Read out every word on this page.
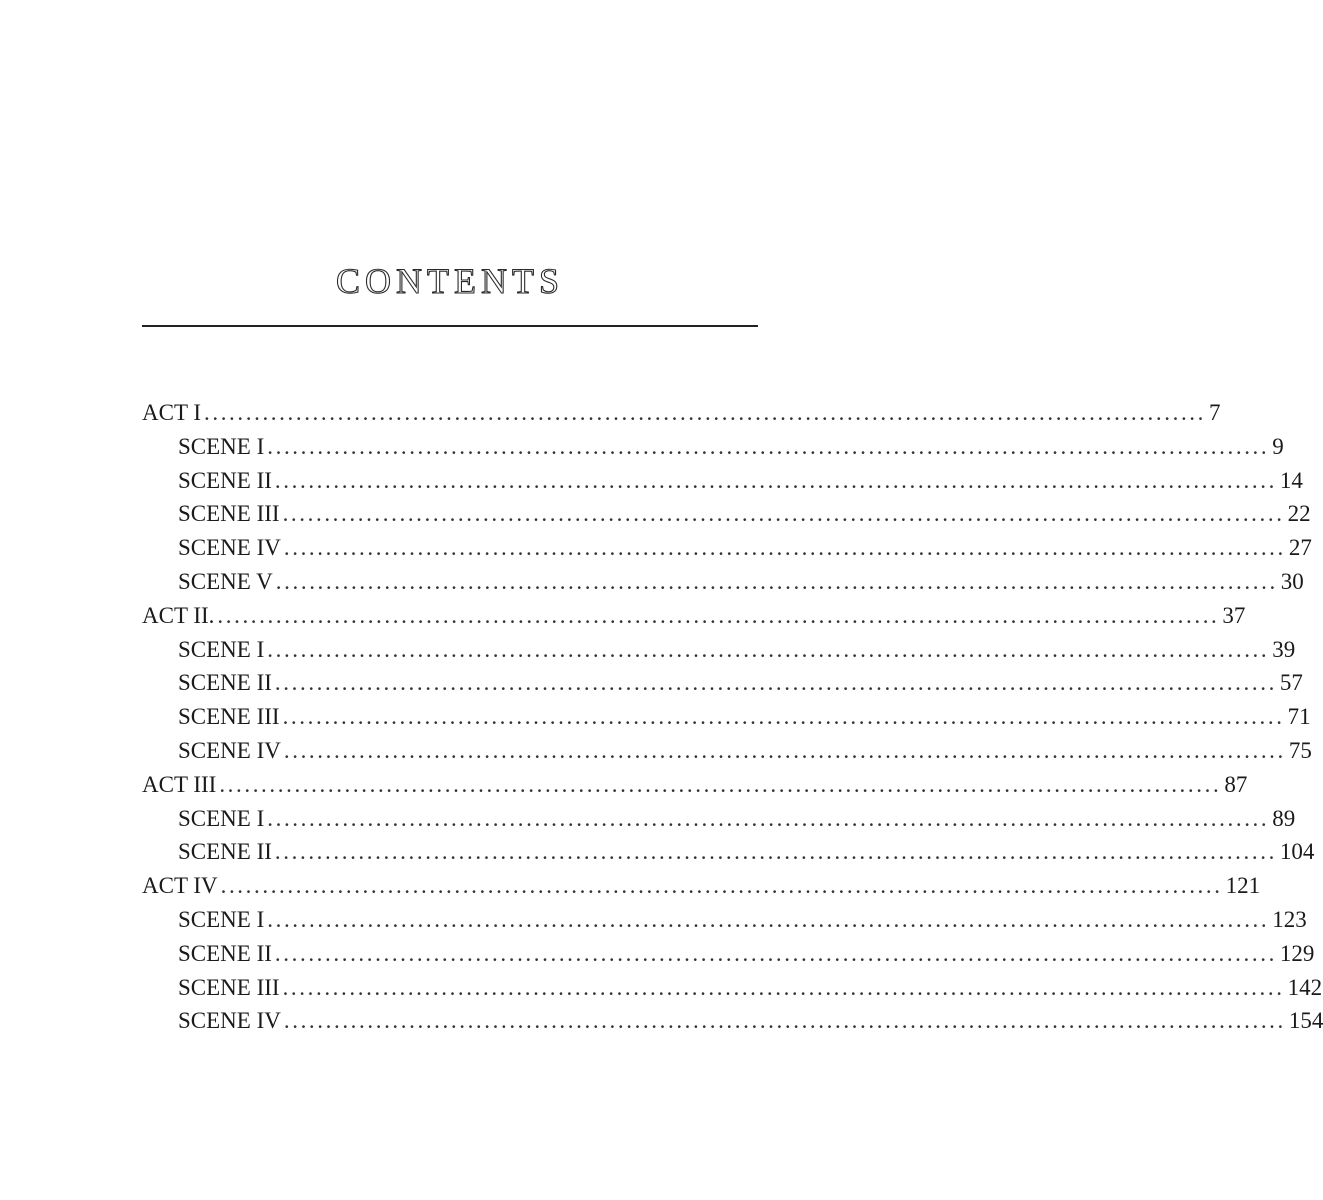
CONTENTS
ACT I ........................................................................................................................ 7
SCENE I ........................................................................................................................ 9
SCENE II ........................................................................................................................ 14
SCENE III ........................................................................................................................ 22
SCENE IV ........................................................................................................................ 27
SCENE V ........................................................................................................................ 30
ACT II. ........................................................................................................................ 37
SCENE I ........................................................................................................................ 39
SCENE II ........................................................................................................................ 57
SCENE III ........................................................................................................................ 71
SCENE IV ........................................................................................................................ 75
ACT III ........................................................................................................................ 87
SCENE I ........................................................................................................................ 89
SCENE II ........................................................................................................................ 104
ACT IV ........................................................................................................................ 121
SCENE I ........................................................................................................................ 123
SCENE II ........................................................................................................................ 129
SCENE III ........................................................................................................................ 142
SCENE IV ........................................................................................................................ 154
